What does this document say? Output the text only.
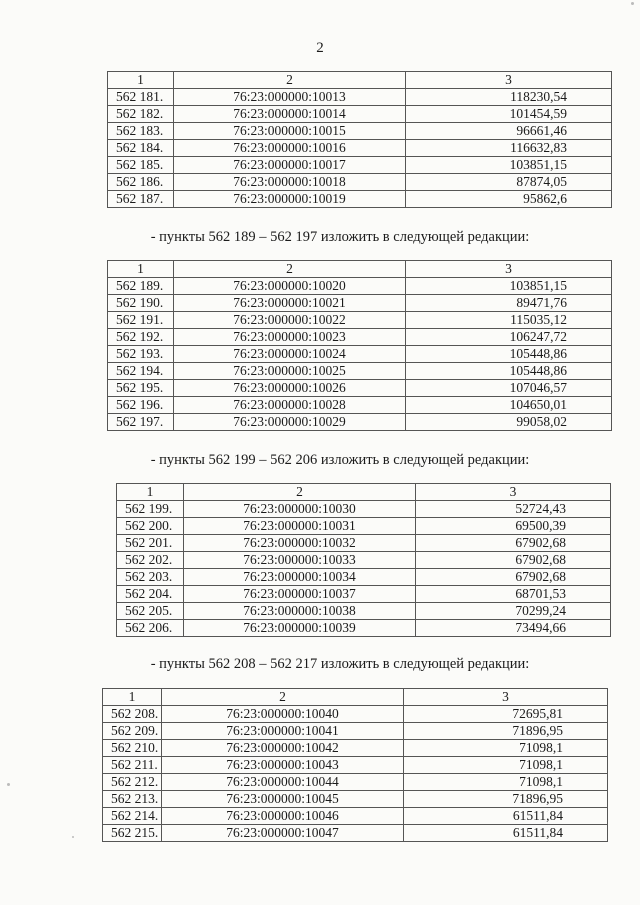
2
1	2	3
562 181.	76:23:000000:10013	118230,54
562 182.	76:23:000000:10014	101454,59
562 183.	76:23:000000:10015	96661,46
562 184.	76:23:000000:10016	116632,83
562 185.	76:23:000000:10017	103851,15
562 186.	76:23:000000:10018	87874,05
562 187.	76:23:000000:10019	95862,6
- пункты 562 189 – 562 197 изложить в следующей редакции:
1	2	3
562 189.	76:23:000000:10020	103851,15
562 190.	76:23:000000:10021	89471,76
562 191.	76:23:000000:10022	115035,12
562 192.	76:23:000000:10023	106247,72
562 193.	76:23:000000:10024	105448,86
562 194.	76:23:000000:10025	105448,86
562 195.	76:23:000000:10026	107046,57
562 196.	76:23:000000:10028	104650,01
562 197.	76:23:000000:10029	99058,02
- пункты 562 199 – 562 206 изложить в следующей редакции:
1	2	3
562 199.	76:23:000000:10030	52724,43
562 200.	76:23:000000:10031	69500,39
562 201.	76:23:000000:10032	67902,68
562 202.	76:23:000000:10033	67902,68
562 203.	76:23:000000:10034	67902,68
562 204.	76:23:000000:10037	68701,53
562 205.	76:23:000000:10038	70299,24
562 206.	76:23:000000:10039	73494,66
- пункты 562 208 – 562 217 изложить в следующей редакции:
1	2	3
562 208.	76:23:000000:10040	72695,81
562 209.	76:23:000000:10041	71896,95
562 210.	76:23:000000:10042	71098,1
562 211.	76:23:000000:10043	71098,1
562 212.	76:23:000000:10044	71098,1
562 213.	76:23:000000:10045	71896,95
562 214.	76:23:000000:10046	61511,84
562 215.	76:23:000000:10047	61511,84
